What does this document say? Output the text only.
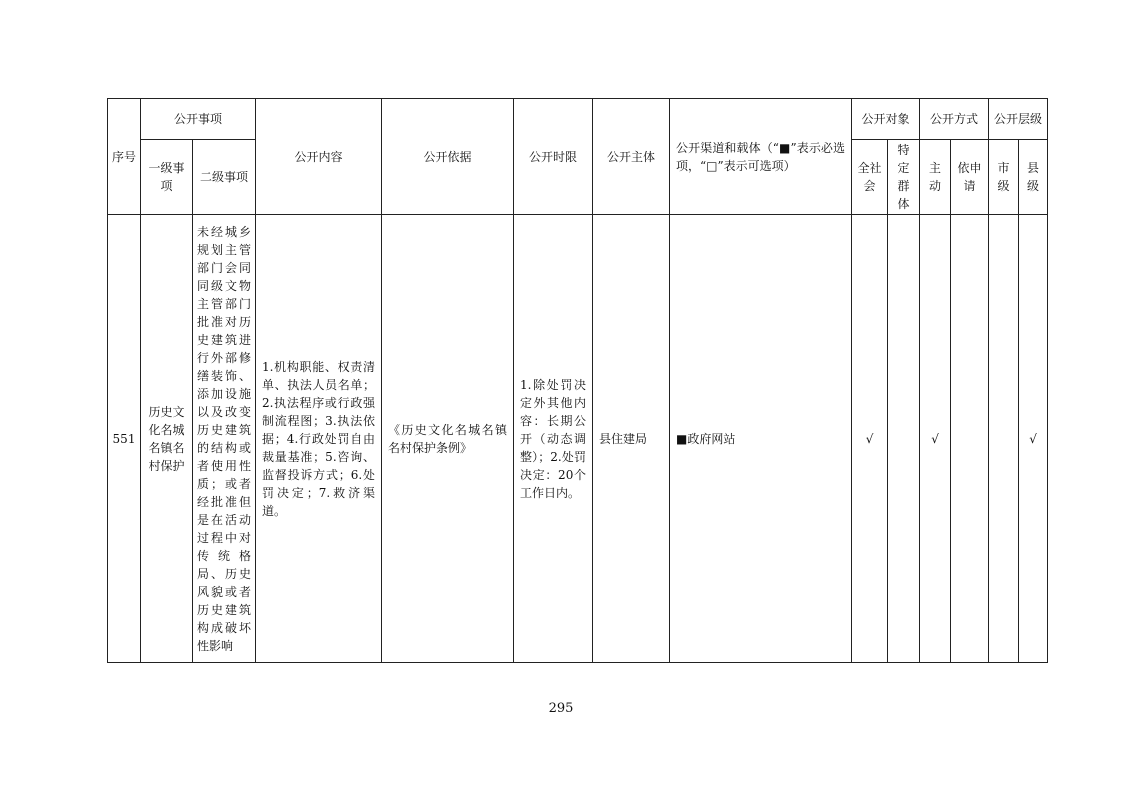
序号	公开事项		公开内容	公开依据	公开时限	公开主体	公开渠道和载体（“■”表示必选项，“□”表示可选项）	公开对象		公开方式		公开层级	
	一级事项	二级事项						全社会	特定群体	主动	依申请	市级	县级
551	历史文化名城名镇名村保护	未经城乡规划主管部门会同同级文物主管部门批准对历史建筑进行外部修缮装饰、添加设施以及改变历史建筑的结构或者使用性质；或者经批准但是在活动过程中对传统格局、历史风貌或者历史建筑构成破坏性影响	1.机构职能、权责清单、执法人员名单；2.执法程序或行政强制流程图；3.执法依据；4.行政处罚自由裁量基准；5.咨询、监督投诉方式；6.处罚决定；7.救济渠道。	《历史文化名城名镇名村保护条例》	1.除处罚决定外其他内容：长期公开（动态调整）；2.处罚决定：20个工作日内。	县住建局	■政府网站	√		√			√
295
